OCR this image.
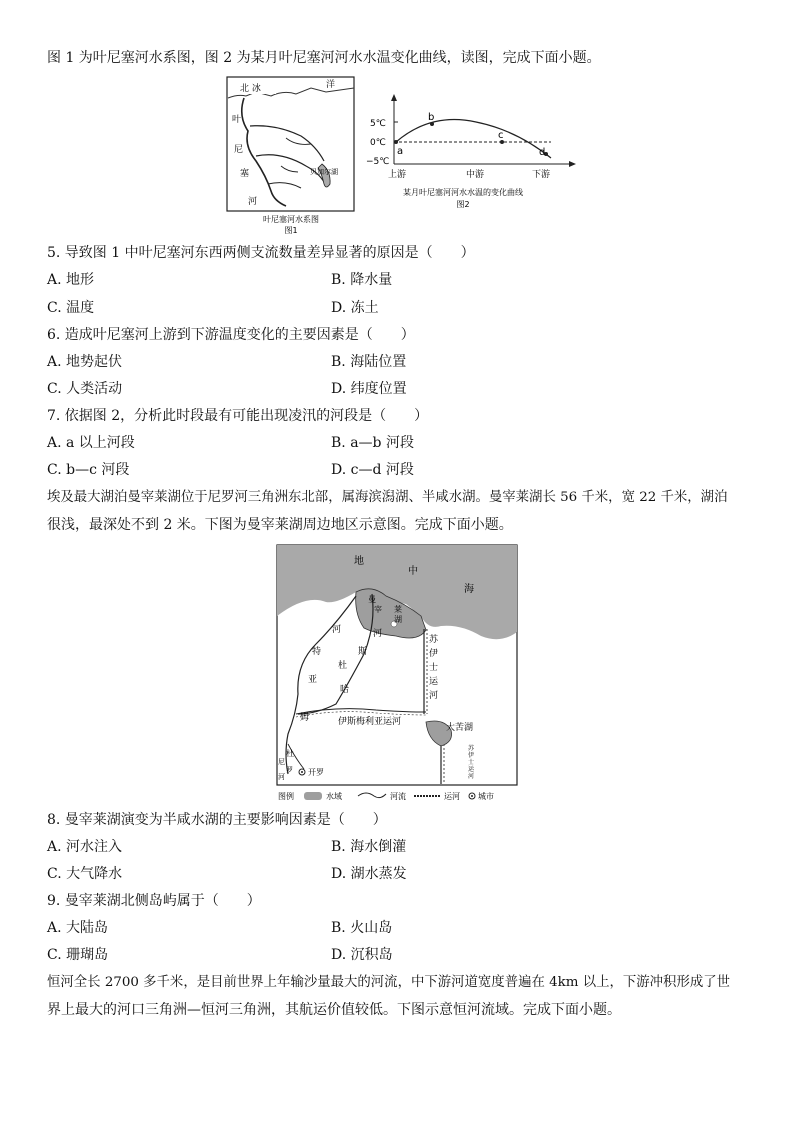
图 1 为叶尼塞河水系图，图 2 为某月叶尼塞河河水水温变化曲线，读图，完成下面小题。
北 冰	洋
叶
尼
塞
河
贝加尔湖
叶尼塞河水系图
图1
5℃
0℃
−5℃
a
b
c
d
上游	中游	下游
某月叶尼塞河河水水温的变化曲线
图2
5. 导致图 1 中叶尼塞河东西两侧支流数量差异显著的原因是（　　）
A. 地形	B. 降水量
C. 温度	D. 冻土
6. 造成叶尼塞河上游到下游温度变化的主要因素是（　　）
A. 地势起伏	B. 海陆位置
C. 人类活动	D. 纬度位置
7. 依据图 2，分析此时段最有可能出现凌汛的河段是（　　）
A. a 以上河段	B. a—b 河段
C. b—c 河段	D. c—d 河段
埃及最大湖泊曼宰莱湖位于尼罗河三角洲东北部，属海滨潟湖、半咸水湖。曼宰莱湖长 56 千米，宽 22 千米，湖泊
很浅，最深处不到 2 米。下图为曼宰莱湖周边地区示意图。完成下面小题。
地
中
海
曼
宰 莱
湖
苏
伊
士
运
河
苏
伊
士
运
河
河
特
亚
姆
河
斯
杜
哈
伊斯梅利亚运河
大苦湖
杜
尼
罗
河	开罗
图例	水域	河流	运河 城市
8. 曼宰莱湖演变为半咸水湖的主要影响因素是（　　）
A. 河水注入	B. 海水倒灌
C. 大气降水	D. 湖水蒸发
9. 曼宰莱湖北侧岛屿属于（　　）
A. 大陆岛	B. 火山岛
C. 珊瑚岛	D. 沉积岛
恒河全长 2700 多千米，是目前世界上年输沙量最大的河流，中下游河道宽度普遍在 4km 以上，下游冲积形成了世
界上最大的河口三角洲—恒河三角洲，其航运价值较低。下图示意恒河流域。完成下面小题。
